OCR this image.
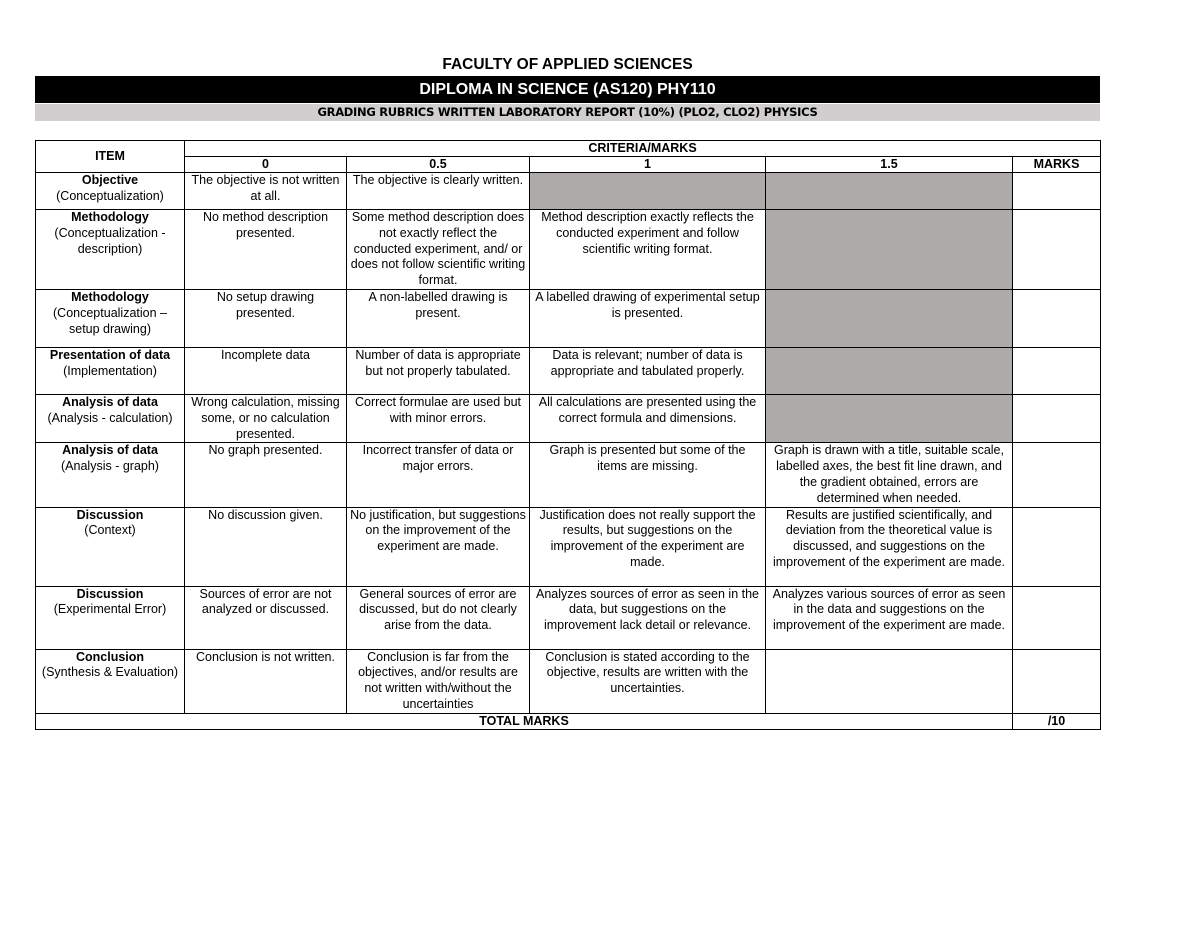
FACULTY OF APPLIED SCIENCES
DIPLOMA IN SCIENCE (AS120) PHY110
GRADING RUBRICS WRITTEN LABORATORY REPORT (10%) (PLO2, CLO2) PHYSICS
ITEM	CRITERIA/MARKS				
	0	0.5	1	1.5	MARKS

Objective
(Conceptualization)	The objective is not written at all.	The objective is clearly written.			

Methodology
(Conceptualization - description)	No method description presented.	Some method description does not exactly reflect the conducted experiment, and/ or does not follow scientific writing format.	Method description exactly reflects the conducted experiment and follow scientific writing format.		

Methodology
(Conceptualization – setup drawing)	No setup drawing presented.	A non-labelled drawing is present.	A labelled drawing of experimental setup is presented.		

Presentation of data
(Implementation)	Incomplete data	Number of data is appropriate but not properly tabulated.	Data is relevant; number of data is appropriate and tabulated properly.		

Analysis of data
(Analysis - calculation)	Wrong calculation, missing some, or no calculation presented.	Correct formulae are used but with minor errors.	All calculations are presented using the correct formula and dimensions.		

Analysis of data
(Analysis - graph)	No graph presented.	Incorrect transfer of data or major errors.	Graph is presented but some of the items are missing.	Graph is drawn with a title, suitable scale, labelled axes, the best fit line drawn, and the gradient obtained, errors are determined when needed.	

Discussion
(Context)	No discussion given.	No justification, but suggestions on the improvement of the experiment are made.	Justification does not really support the results, but suggestions on the improvement of the experiment are made.	Results are justified scientifically, and deviation from the theoretical value is discussed, and suggestions on the improvement of the experiment are made.	

Discussion
(Experimental Error)	Sources of error are not analyzed or discussed.	General sources of error are discussed, but do not clearly arise from the data.	Analyzes sources of error as seen in the data, but suggestions on the improvement lack detail or relevance.	Analyzes various sources of error as seen in the data and suggestions on the improvement of the experiment are made.	

Conclusion
(Synthesis & Evaluation)	Conclusion is not written.	Conclusion is far from the objectives, and/or results are not written with/without the uncertainties	Conclusion is stated according to the objective, results are written with the uncertainties.		
TOTAL MARKS					/10
